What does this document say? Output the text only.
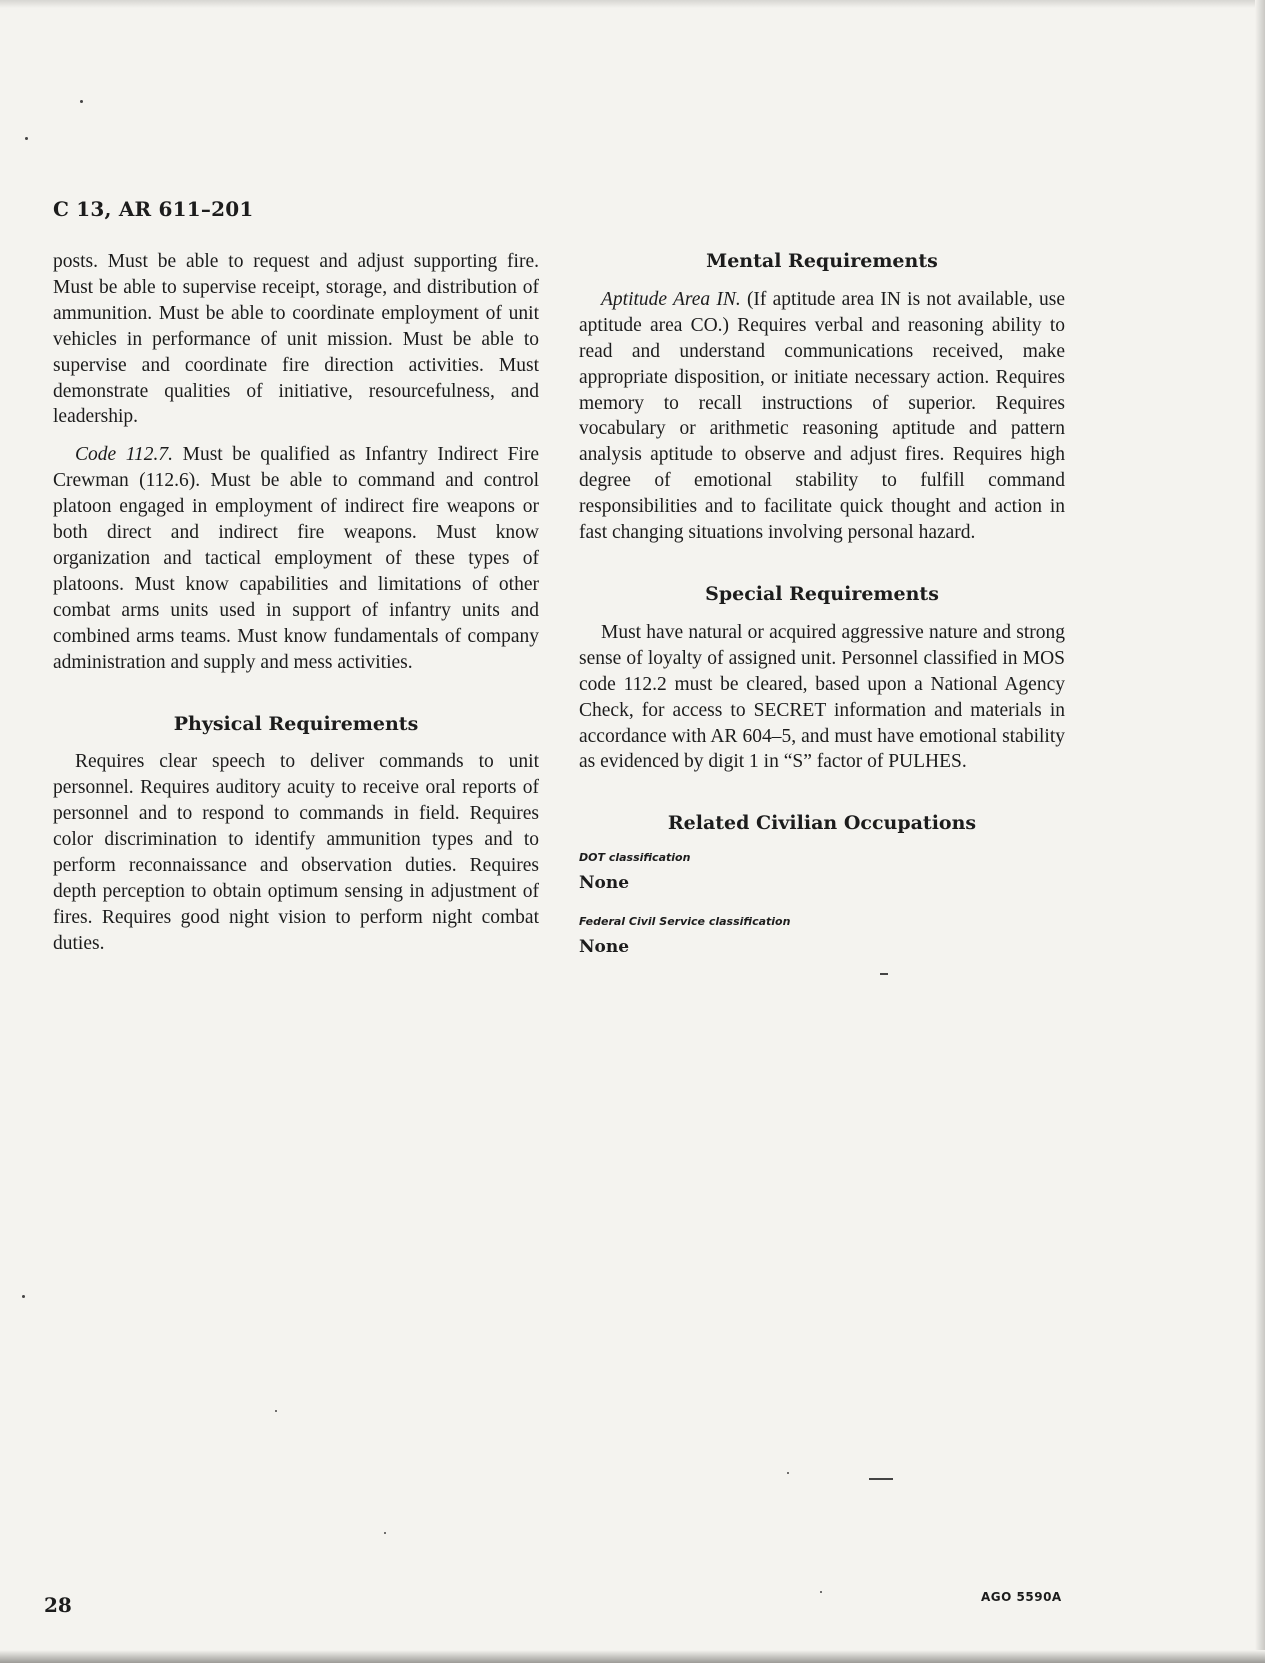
C 13, AR 611–201

posts. Must be able to request and adjust supporting fire. Must be able to supervise receipt, storage, and distribution of ammunition. Must be able to coordinate employment of unit vehicles in performance of unit mission. Must be able to supervise and coordinate fire direction activities. Must demonstrate qualities of initiative, resourcefulness, and leadership.

Code 112.7. Must be qualified as Infantry Indirect Fire Crewman (112.6). Must be able to command and control platoon engaged in employment of indirect fire weapons or both direct and indirect fire weapons. Must know organization and tactical employment of these types of platoons. Must know capabilities and limitations of other combat arms units used in support of infantry units and combined arms teams. Must know fundamentals of company administration and supply and mess activities.

Physical Requirements

Requires clear speech to deliver commands to unit personnel. Requires auditory acuity to receive oral reports of personnel and to respond to commands in field. Requires color discrimination to identify ammunition types and to perform reconnaissance and observation duties. Requires depth perception to obtain optimum sensing in adjustment of fires. Requires good night vision to perform night combat duties.

Mental Requirements

Aptitude Area IN. (If aptitude area IN is not available, use aptitude area CO.) Requires verbal and reasoning ability to read and understand communications received, make appropriate disposition, or initiate necessary action. Requires memory to recall instructions of superior. Requires vocabulary or arithmetic reasoning aptitude and pattern analysis aptitude to observe and adjust fires. Requires high degree of emotional stability to fulfill command responsibilities and to facilitate quick thought and action in fast changing situations involving personal hazard.

Special Requirements

Must have natural or acquired aggressive nature and strong sense of loyalty of assigned unit. Personnel classified in MOS code 112.2 must be cleared, based upon a National Agency Check, for access to SECRET information and materials in accordance with AR 604–5, and must have emotional stability as evidenced by digit 1 in “S” factor of PULHES.

Related Civilian Occupations

DOT classification

None

Federal Civil Service classification

None

28	AGO 5590A
